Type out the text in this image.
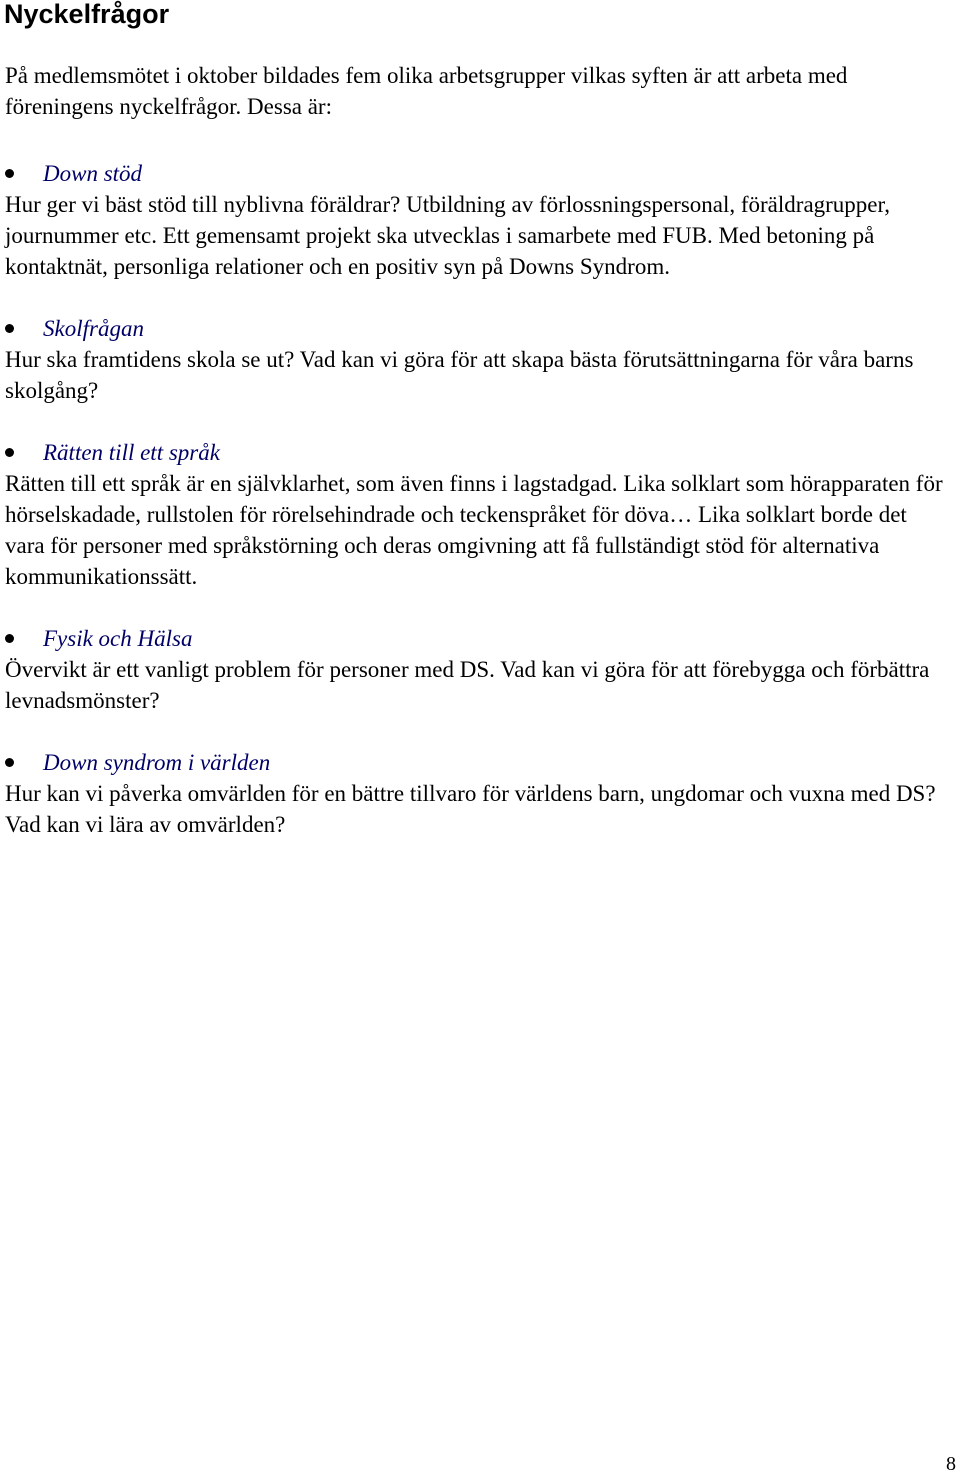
Nyckelfrågor

På medlemsmötet i oktober bildades fem olika arbetsgrupper vilkas syften är att arbeta med föreningens nyckelfrågor. Dessa är:

Down stöd
Hur ger vi bäst stöd till nyblivna föräldrar? Utbildning av förlossningspersonal, föräldragrupper, journummer etc. Ett gemensamt projekt ska utvecklas i samarbete med FUB. Med betoning på kontaktnät, personliga relationer och en positiv syn på Downs Syndrom.
Skolfrågan
Hur ska framtidens skola se ut? Vad kan vi göra för att skapa bästa förutsättningarna för våra barns skolgång?
Rätten till ett språk
Rätten till ett språk är en självklarhet, som även finns i lagstadgad. Lika solklart som hörapparaten för hörselskadade, rullstolen för rörelsehindrade och teckenspråket för döva… Lika solklart borde det vara för personer med språkstörning och deras omgivning att få fullständigt stöd för alternativa kommunikationssätt.
Fysik och Hälsa
Övervikt är ett vanligt problem för personer med DS. Vad kan vi göra för att förebygga och förbättra levnadsmönster?
Down syndrom i världen
Hur kan vi påverka omvärlden för en bättre tillvaro för världens barn, ungdomar och vuxna med DS? Vad kan vi lära av omvärlden?

8
